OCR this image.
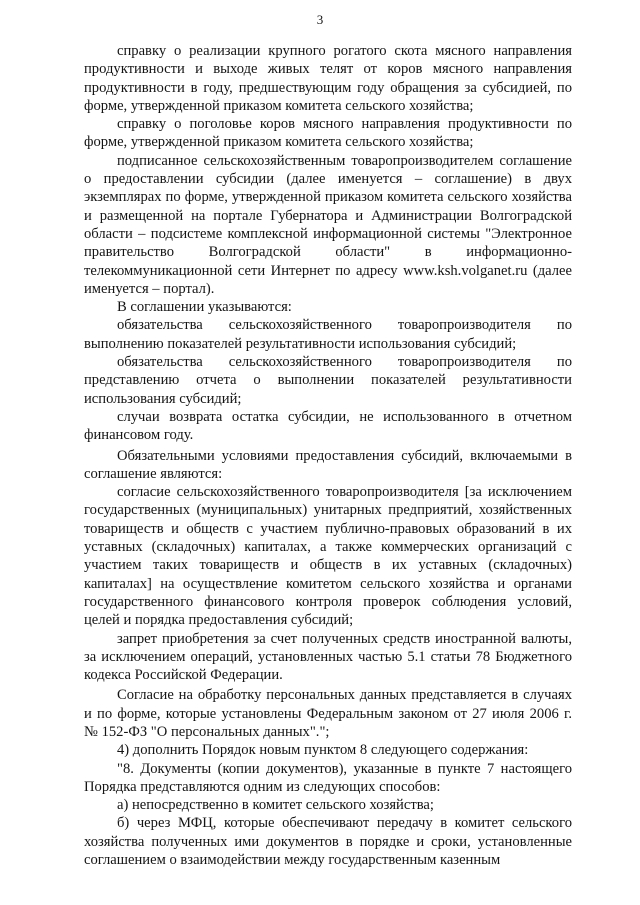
3

справку о реализации крупного рогатого скота мясного направления продуктивности и выходе живых телят от коров мясного направления продуктивности в году, предшествующим году обращения за субсидией, по форме, утвержденной приказом комитета сельского хозяйства;

справку о поголовье коров мясного направления продуктивности по форме, утвержденной приказом комитета сельского хозяйства;

подписанное сельскохозяйственным товаропроизводителем соглашение о предоставлении субсидии (далее именуется – соглашение) в двух экземплярах по форме, утвержденной приказом комитета сельского хозяйства и размещенной на портале Губернатора и Администрации Волгоградской области – подсистеме комплексной информационной системы "Электронное правительство Волгоградской области" в информационно-телекоммуникационной сети Интернет по адресу www.ksh.volganet.ru (далее именуется – портал).

В соглашении указываются:

обязательства сельскохозяйственного товаропроизводителя по выполнению показателей результативности использования субсидий;

обязательства сельскохозяйственного товаропроизводителя по представлению отчета о выполнении показателей результативности использования субсидий;

случаи возврата остатка субсидии, не использованного в отчетном финансовом году.

Обязательными условиями предоставления субсидий, включаемыми в соглашение являются:

согласие сельскохозяйственного товаропроизводителя [за исключением государственных (муниципальных) унитарных предприятий, хозяйственных товариществ и обществ с участием публично-правовых образований в их уставных (складочных) капиталах, а также коммерческих организаций с участием таких товариществ и обществ в их уставных (складочных) капиталах] на осуществление комитетом сельского хозяйства и органами государственного финансового контроля проверок соблюдения условий, целей и порядка предоставления субсидий;

запрет приобретения за счет полученных средств иностранной валюты, за исключением операций, установленных частью 5.1 статьи 78 Бюджетного кодекса Российской Федерации.

Согласие на обработку персональных данных представляется в случаях и по форме, которые установлены Федеральным законом от 27 июля 2006 г. № 152-ФЗ "О персональных данных".";

4) дополнить Порядок новым пунктом 8 следующего содержания:

"8. Документы (копии документов), указанные в пункте 7 настоящего Порядка представляются одним из следующих способов:

а) непосредственно в комитет сельского хозяйства;

б) через МФЦ, которые обеспечивают передачу в комитет сельского хозяйства полученных ими документов в порядке и сроки, установленные соглашением о взаимодействии между государственным казенным
